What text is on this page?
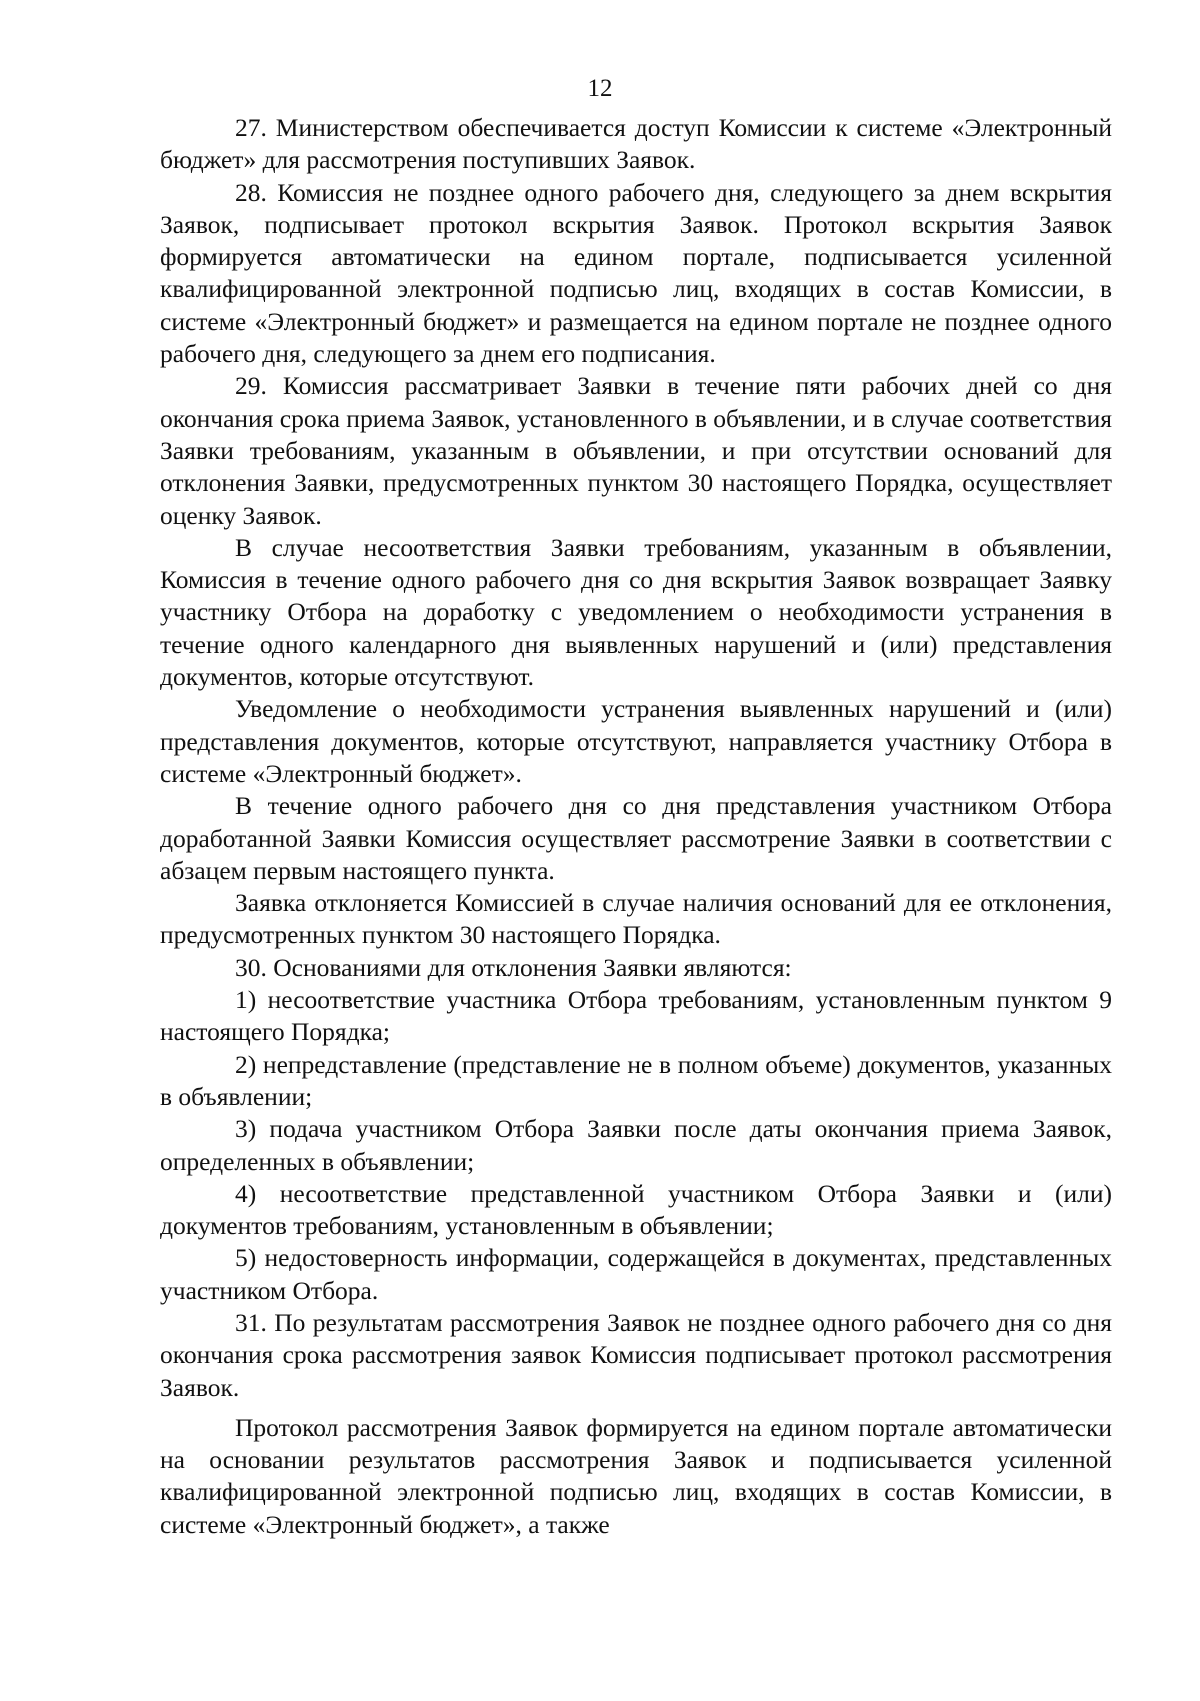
12

27. Министерством обеспечивается доступ Комиссии к системе «Электронный бюджет» для рассмотрения поступивших Заявок.

28. Комиссия не позднее одного рабочего дня, следующего за днем вскрытия Заявок, подписывает протокол вскрытия Заявок. Протокол вскрытия Заявок формируется автоматически на едином портале, подписывается усиленной квалифицированной электронной подписью лиц, входящих в состав Комиссии, в системе «Электронный бюджет» и размещается на едином портале не позднее одного рабочего дня, следующего за днем его подписания.

29. Комиссия рассматривает Заявки в течение пяти рабочих дней со дня окончания срока приема Заявок, установленного в объявлении, и в случае соответствия Заявки требованиям, указанным в объявлении, и при отсутствии оснований для отклонения Заявки, предусмотренных пунктом 30 настоящего Порядка, осуществляет оценку Заявок.

В случае несоответствия Заявки требованиям, указанным в объявлении, Комиссия в течение одного рабочего дня со дня вскрытия Заявок возвращает Заявку участнику Отбора на доработку с уведомлением о необходимости устранения в течение одного календарного дня выявленных нарушений и (или) представления документов, которые отсутствуют.

Уведомление о необходимости устранения выявленных нарушений и (или) представления документов, которые отсутствуют, направляется участнику Отбора в системе «Электронный бюджет».

В течение одного рабочего дня со дня представления участником Отбора доработанной Заявки Комиссия осуществляет рассмотрение Заявки в соответствии с абзацем первым настоящего пункта.

Заявка отклоняется Комиссией в случае наличия оснований для ее отклонения, предусмотренных пунктом 30 настоящего Порядка.

30. Основаниями для отклонения Заявки являются:

1) несоответствие участника Отбора требованиям, установленным пунктом 9 настоящего Порядка;

2) непредставление (представление не в полном объеме) документов, указанных в объявлении;

3) подача участником Отбора Заявки после даты окончания приема Заявок, определенных в объявлении;

4) несоответствие представленной участником Отбора Заявки и (или) документов требованиям, установленным в объявлении;

5) недостоверность информации, содержащейся в документах, представленных участником Отбора.

31. По результатам рассмотрения Заявок не позднее одного рабочего дня со дня окончания срока рассмотрения заявок Комиссия подписывает протокол рассмотрения Заявок.

Протокол рассмотрения Заявок формируется на едином портале автоматически на основании результатов рассмотрения Заявок и подписывается усиленной квалифицированной электронной подписью лиц, входящих в состав Комиссии, в системе «Электронный бюджет», а также
